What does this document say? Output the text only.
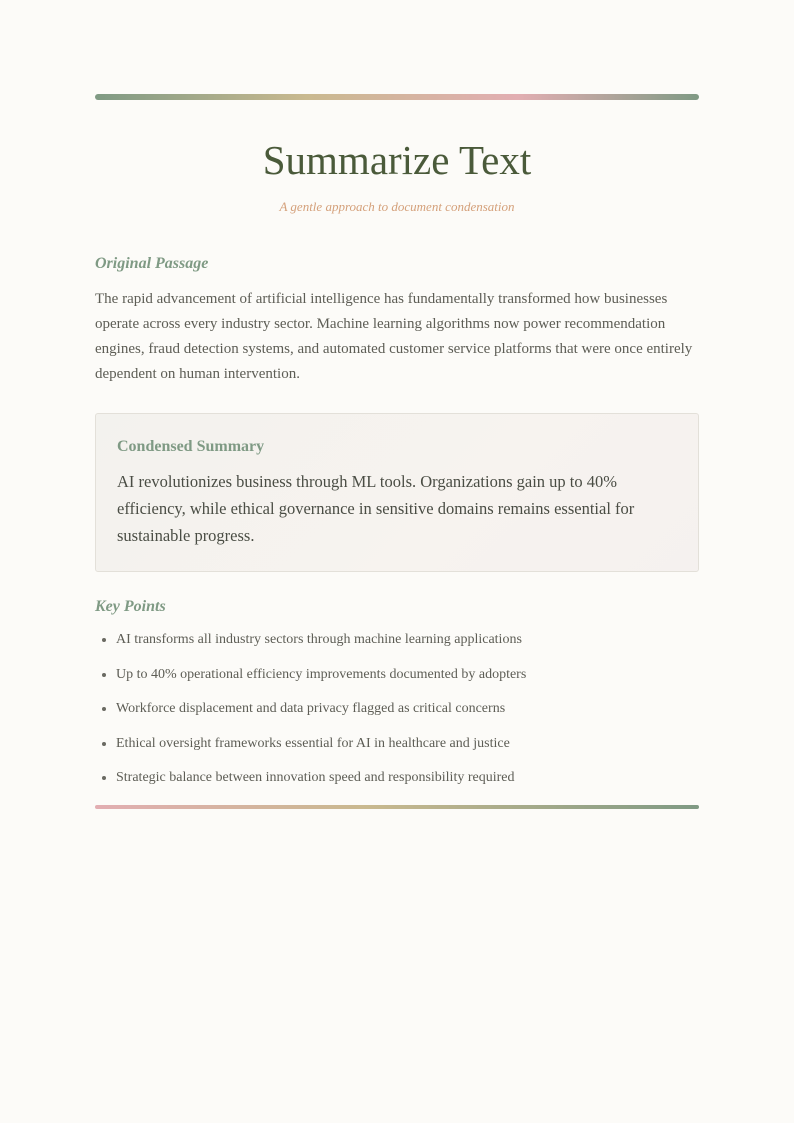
Summarize Text

A gentle approach to document condensation

Original Passage

The rapid advancement of artificial intelligence has fundamentally transformed how businesses operate across every industry sector. Machine learning algorithms now power recommendation engines, fraud detection systems, and automated customer service platforms that were once entirely dependent on human intervention.

Condensed Summary

AI revolutionizes business through ML tools. Organizations gain up to 40% efficiency, while ethical governance in sensitive domains remains essential for sustainable progress.

Key Points
• AI transforms all industry sectors through machine learning applications
• Up to 40% operational efficiency improvements documented by adopters
• Workforce displacement and data privacy flagged as critical concerns
• Ethical oversight frameworks essential for AI in healthcare and justice
• Strategic balance between innovation speed and responsibility required
